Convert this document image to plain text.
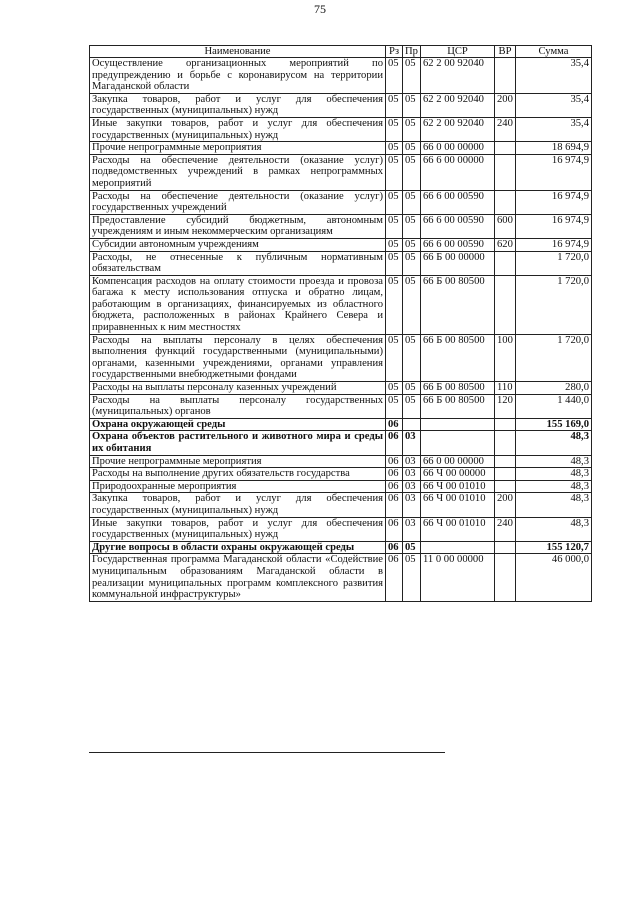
75
Наименование	Рз	Пр	ЦСР	ВР	Сумма
Осуществление организационных мероприятий по предупреждению и борьбе с коронавирусом на территории Магаданской области	05	05	62 2 00 92040		35,4
Закупка товаров, работ и услуг для обеспечения государственных (муниципальных) нужд	05	05	62 2 00 92040	200	35,4
Иные закупки товаров, работ и услуг для обеспечения государственных (муниципальных) нужд	05	05	62 2 00 92040	240	35,4
Прочие непрограммные мероприятия	05	05	66 0 00 00000		18 694,9
Расходы на обеспечение деятельности (оказание услуг) подведомственных учреждений в рамках непрограммных мероприятий	05	05	66 6 00 00000		16 974,9
Расходы на обеспечение деятельности (оказание услуг) государственных учреждений	05	05	66 6 00 00590		16 974,9
Предоставление субсидий бюджетным, автономным учреждениям и иным некоммерческим организациям	05	05	66 6 00 00590	600	16 974,9
Субсидии автономным учреждениям	05	05	66 6 00 00590	620	16 974,9
Расходы, не отнесенные к публичным нормативным обязательствам	05	05	66 Б 00 00000		1 720,0
Компенсация расходов на оплату стоимости проезда и провоза багажа к месту использования отпуска и обратно лицам, работающим в организациях, финансируемых из областного бюджета, расположенных в районах Крайнего Севера и приравненных к ним местностях	05	05	66 Б 00 80500		1 720,0
Расходы на выплаты персоналу в целях обеспечения выполнения функций государственными (муниципальными) органами, казенными учреждениями, органами управления государственными внебюджетными фондами	05	05	66 Б 00 80500	100	1 720,0
Расходы на выплаты персоналу казенных учреждений	05	05	66 Б 00 80500	110	280,0
Расходы на выплаты персоналу государственных (муниципальных) органов	05	05	66 Б 00 80500	120	1 440,0
Охрана окружающей среды	06				155 169,0
Охрана объектов растительного и животного мира и среды их обитания	06	03			48,3
Прочие непрограммные мероприятия	06	03	66 0 00 00000		48,3
Расходы на выполнение других обязательств государства	06	03	66 Ч 00 00000		48,3
Природоохранные мероприятия	06	03	66 Ч 00 01010		48,3
Закупка товаров, работ и услуг для обеспечения государственных (муниципальных) нужд	06	03	66 Ч 00 01010	200	48,3
Иные закупки товаров, работ и услуг для обеспечения государственных (муниципальных) нужд	06	03	66 Ч 00 01010	240	48,3
Другие вопросы в области охраны окружающей среды	06	05			155 120,7
Государственная программа Магаданской области «Содействие муниципальным образованиям Магаданской области в реализации муниципальных программ комплексного развития коммунальной инфраструктуры»	06	05	11 0 00 00000		46 000,0
